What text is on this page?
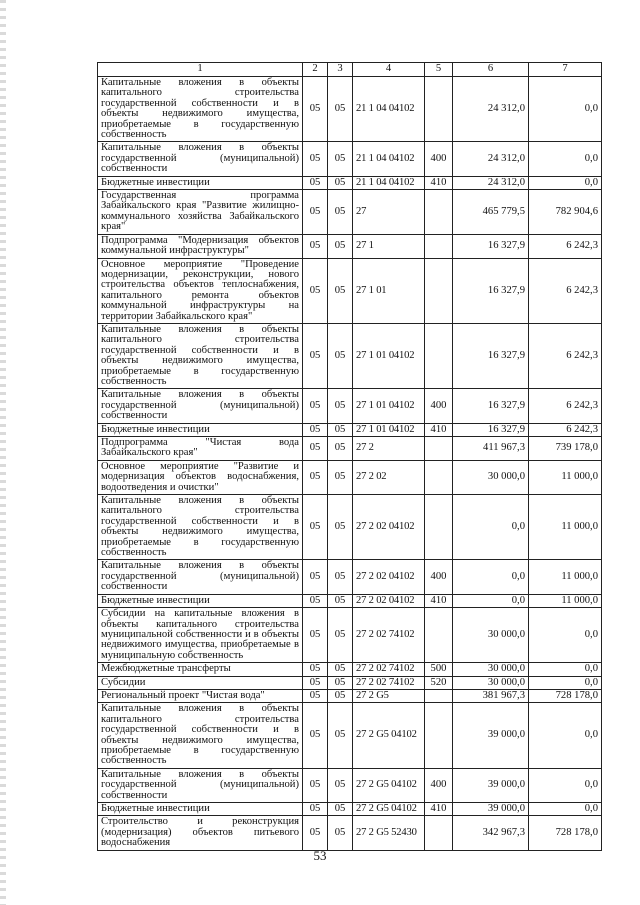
1	2	3	4	5	6	7
Капитальные вложения в объекты капитального строительства государственной собственности и в объекты недвижимого имущества, приобретаемые в государственную собственность	05	05	21 1 04 04102		24 312,0	0,0
Капитальные вложения в объекты государственной (муниципальной) собственности	05	05	21 1 04 04102	400	24 312,0	0,0
Бюджетные инвестиции	05	05	21 1 04 04102	410	24 312,0	0,0
Государственная программа Забайкальского края "Развитие жилищно-коммунального хозяйства Забайкальского края"	05	05	27		465 779,5	782 904,6
Подпрограмма "Модернизация объектов коммунальной инфраструктуры"	05	05	27 1		16 327,9	6 242,3
Основное мероприятие "Проведение модернизации, реконструкции, нового строительства объектов теплоснабжения, капитального ремонта объектов коммунальной инфраструктуры на территории Забайкальского края"	05	05	27 1 01		16 327,9	6 242,3
Капитальные вложения в объекты капитального строительства государственной собственности и в объекты недвижимого имущества, приобретаемые в государственную собственность	05	05	27 1 01 04102		16 327,9	6 242,3
Капитальные вложения в объекты государственной (муниципальной) собственности	05	05	27 1 01 04102	400	16 327,9	6 242,3
Бюджетные инвестиции	05	05	27 1 01 04102	410	16 327,9	6 242,3
Подпрограмма "Чистая вода Забайкальского края"	05	05	27 2		411 967,3	739 178,0
Основное мероприятие "Развитие и модернизация объектов водоснабжения, водоотведения и очистки"	05	05	27 2 02		30 000,0	11 000,0
Капитальные вложения в объекты капитального строительства государственной собственности и в объекты недвижимого имущества, приобретаемые в государственную собственность	05	05	27 2 02 04102		0,0	11 000,0
Капитальные вложения в объекты государственной (муниципальной) собственности	05	05	27 2 02 04102	400	0,0	11 000,0
Бюджетные инвестиции	05	05	27 2 02 04102	410	0,0	11 000,0
Субсидии на капитальные вложения в объекты капитального строительства муниципальной собственности и в объекты недвижимого имущества, приобретаемые в муниципальную собственность	05	05	27 2 02 74102		30 000,0	0,0
Межбюджетные трансферты	05	05	27 2 02 74102	500	30 000,0	0,0
Субсидии	05	05	27 2 02 74102	520	30 000,0	0,0
Региональный проект "Чистая вода"	05	05	27 2 G5		381 967,3	728 178,0
Капитальные вложения в объекты капитального строительства государственной собственности и в объекты недвижимого имущества, приобретаемые в государственную собственность	05	05	27 2 G5 04102		39 000,0	0,0
Капитальные вложения в объекты государственной (муниципальной) собственности	05	05	27 2 G5 04102	400	39 000,0	0,0
Бюджетные инвестиции	05	05	27 2 G5 04102	410	39 000,0	0,0
Строительство и реконструкция (модернизация) объектов питьевого водоснабжения	05	05	27 2 G5 52430		342 967,3	728 178,0
53
